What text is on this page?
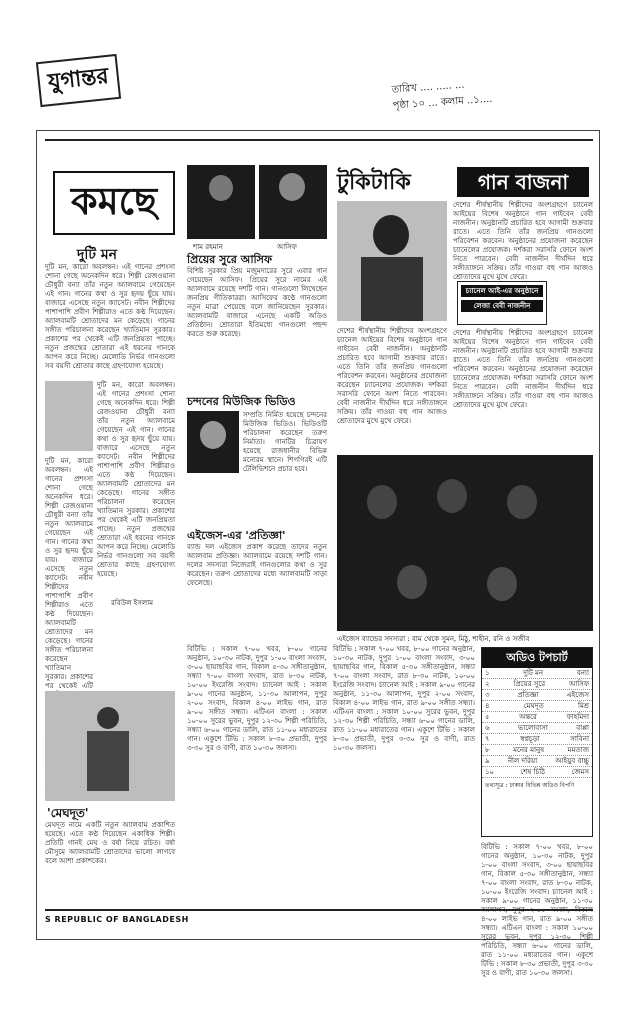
যুগান্তর	তারিখ .... ..... ...
পৃষ্ঠা ১০ ... কলাম ..১....
কমছে
দুটি মন
দুটি মন, কারো অবলম্বন। এই গানের প্রশংসা শোনা গেছে অনেকদিন ধরে। শিল্পী রেজওয়ানা চৌধুরী বন্যা তাঁর নতুন অ্যালবামে গেয়েছেন এই গান। গানের কথা ও সুর হৃদয় ছুঁয়ে যায়। বাজারে এসেছে নতুন ক্যাসেট। নবীন শিল্পীদের পাশাপাশি প্রবীণ শিল্পীরাও এতে কণ্ঠ দিয়েছেন। অ্যালবামটি শ্রোতাদের মন কেড়েছে। গানের সঙ্গীত পরিচালনা করেছেন খ্যাতিমান সুরকার। প্রকাশের পর থেকেই এটি জনপ্রিয়তা পাচ্ছে। নতুন প্রজন্মের শ্রোতারা এই ধরনের গানকে আপন করে নিচ্ছে। মেলোডি নির্ভর গানগুলো সব বয়সী শ্রোতার কাছে গ্রহণযোগ্য হয়েছে।
দুটি মন, কারো অবলম্বন। এই গানের প্রশংসা শোনা গেছে অনেকদিন ধরে। শিল্পী রেজওয়ানা চৌধুরী বন্যা তাঁর নতুন অ্যালবামে গেয়েছেন এই গান। গানের কথা ও সুর হৃদয় ছুঁয়ে যায়। বাজারে এসেছে নতুন ক্যাসেট। নবীন শিল্পীদের পাশাপাশি প্রবীণ শিল্পীরাও এতে কণ্ঠ দিয়েছেন। অ্যালবামটি শ্রোতাদের মন কেড়েছে। গানের সঙ্গীত পরিচালনা করেছেন খ্যাতিমান সুরকার। প্রকাশের পর থেকেই এটি জনপ্রিয়তা পাচ্ছে। নতুন প্রজন্মের শ্রোতারা এই ধরনের গানকে আপন করে নিচ্ছে। মেলোডি নির্ভর গানগুলো সব বয়সী শ্রোতার কাছে গ্রহণযোগ্য হয়েছে।
দুটি মন, কারো অবলম্বন। এই গানের প্রশংসা শোনা গেছে অনেকদিন ধরে। শিল্পী রেজওয়ানা চৌধুরী বন্যা তাঁর নতুন অ্যালবামে গেয়েছেন এই গান। গানের কথা ও সুর হৃদয় ছুঁয়ে যায়। বাজারে এসেছে নতুন ক্যাসেট। নবীন শিল্পীদের পাশাপাশি প্রবীণ শিল্পীরাও এতে কণ্ঠ দিয়েছেন। অ্যালবামটি শ্রোতাদের মন কেড়েছে। গানের সঙ্গীত পরিচালনা করেছেন খ্যাতিমান সুরকার। প্রকাশের পর থেকেই এটি
রবিউল ইসলাম
'মেঘদূত'
মেঘদূত নামে একটি নতুন অ্যালবাম প্রকাশিত হয়েছে। এতে কণ্ঠ দিয়েছেন একাধিক শিল্পী। প্রতিটি গানই মেঘ ও বর্ষা নিয়ে রচিত। বর্ষা মৌসুমে অ্যালবামটি শ্রোতাদের ভালো লাগবে বলে আশা প্রকাশকের।
শাম রহমান	আসিফ
প্রিয়ের সুরে আসিফ
বিশিষ্ট সুরকার প্রিয় মজুমদারের সুরে এবার গান গেয়েছেন আসিফ। প্রিয়ের সুরে নামের এই অ্যালবামে রয়েছে দশটি গান। গানগুলো লিখেছেন জনপ্রিয় গীতিকাররা। আসিফের কণ্ঠে গানগুলো নতুন মাত্রা পেয়েছে বলে জানিয়েছেন সুরকার। অ্যালবামটি বাজারে এনেছে একটি অডিও প্রতিষ্ঠান। শ্রোতারা ইতিমধ্যে গানগুলো পছন্দ করতে শুরু করেছে।
চন্দনের মিউজিক ভিডিও
সম্প্রতি নির্মিত হয়েছে চন্দনের মিউজিক ভিডিও। ভিডিওটি পরিচালনা করেছেন তরুণ নির্মাতা। গানটির চিত্রায়ণ হয়েছে রাজধানীর বিভিন্ন মনোরম স্থানে। শিগগিরই এটি টেলিভিশনে প্রচার হবে।
এইজেস-এর 'প্রতিজ্ঞা'
ব্যান্ড দল এইজেস প্রকাশ করেছে তাদের নতুন অ্যালবাম প্রতিজ্ঞা। অ্যালবামে রয়েছে দশটি গান। দলের সদস্যরা নিজেরাই গানগুলোর কথা ও সুর করেছেন। তরুণ শ্রোতাদের মধ্যে অ্যালবামটি সাড়া ফেলেছে।
টুকিটাকি	গান বাজনা
দেশের শীর্ষস্থানীয় শিল্পীদের অংশগ্রহণে চ্যানেল আইয়ের বিশেষ অনুষ্ঠানে গান গাইবেন বেবী নাজনীন। অনুষ্ঠানটি প্রচারিত হবে আগামী শুক্রবার রাতে। এতে তিনি তাঁর জনপ্রিয় গানগুলো পরিবেশন করবেন। অনুষ্ঠানের প্রযোজনা করেছেন চ্যানেলের প্রযোজক। দর্শকরা সরাসরি ফোনে অংশ নিতে পারবেন। বেবী নাজনীন দীর্ঘদিন ধরে সঙ্গীতাঙ্গনে সক্রিয়। তাঁর গাওয়া বহু গান আজও শ্রোতাদের মুখে মুখে ফেরে।
চ্যানেল আই-এর অনুষ্ঠানে
লেজা বেবী নাজনীন
দেশের শীর্ষস্থানীয় শিল্পীদের অংশগ্রহণে চ্যানেল আইয়ের বিশেষ অনুষ্ঠানে গান গাইবেন বেবী নাজনীন। অনুষ্ঠানটি প্রচারিত হবে আগামী শুক্রবার রাতে। এতে তিনি তাঁর জনপ্রিয় গানগুলো পরিবেশন করবেন। অনুষ্ঠানের প্রযোজনা করেছেন চ্যানেলের প্রযোজক। দর্শকরা সরাসরি ফোনে অংশ নিতে পারবেন। বেবী নাজনীন দীর্ঘদিন ধরে সঙ্গীতাঙ্গনে সক্রিয়। তাঁর গাওয়া বহু গান আজও শ্রোতাদের মুখে মুখে ফেরে।
দেশের শীর্ষস্থানীয় শিল্পীদের অংশগ্রহণে চ্যানেল আইয়ের বিশেষ অনুষ্ঠানে গান গাইবেন বেবী নাজনীন। অনুষ্ঠানটি প্রচারিত হবে আগামী শুক্রবার রাতে। এতে তিনি তাঁর জনপ্রিয় গানগুলো পরিবেশন করবেন। অনুষ্ঠানের প্রযোজনা করেছেন চ্যানেলের প্রযোজক। দর্শকরা সরাসরি ফোনে অংশ নিতে পারবেন। বেবী নাজনীন দীর্ঘদিন ধরে সঙ্গীতাঙ্গনে সক্রিয়। তাঁর গাওয়া বহু গান আজও শ্রোতাদের মুখে মুখে ফেরে।
এইজেস ব্যান্ডের সদস্যরা : বাম থেকে সুমন, মিঠু, শাহীন, রনি ও সজীব
বিটিভি : সকাল ৭-০০ খবর, ৮-০০ গানের অনুষ্ঠান, ১০-৩০ নাটক, দুপুর ১-০০ বাংলা সংবাদ, ৩-০০ ছায়াছবির গান, বিকাল ৫-৩০ সঙ্গীতানুষ্ঠান, সন্ধ্যা ৭-০০ বাংলা সংবাদ, রাত ৮-৩০ নাটক, ১০-০০ ইংরেজি সংবাদ। চ্যানেল আই : সকাল ৯-০০ গানের অনুষ্ঠান, ১১-৩০ আলাপন, দুপুর ২-০০ সংবাদ, বিকাল ৪-০০ লাইভ গান, রাত ৯-০০ সঙ্গীত সন্ধ্যা। এটিএন বাংলা : সকাল ১০-০০ সুরের ভুবন, দুপুর ১২-৩০ শিল্পী পরিচিতি, সন্ধ্যা ৬-০০ গানের ডালি, রাত ১১-০০ মধ্যরাতের গান। একুশে টিভি : সকাল ৮-৩০ প্রভাতী, দুপুর ৩-৩০ সুর ও বাণী, রাত ১০-৩০ জলসা।
বিটিভি : সকাল ৭-০০ খবর, ৮-০০ গানের অনুষ্ঠান, ১০-৩০ নাটক, দুপুর ১-০০ বাংলা সংবাদ, ৩-০০ ছায়াছবির গান, বিকাল ৫-৩০ সঙ্গীতানুষ্ঠান, সন্ধ্যা ৭-০০ বাংলা সংবাদ, রাত ৮-৩০ নাটক, ১০-০০ ইংরেজি সংবাদ। চ্যানেল আই : সকাল ৯-০০ গানের অনুষ্ঠান, ১১-৩০ আলাপন, দুপুর ২-০০ সংবাদ, বিকাল ৪-০০ লাইভ গান, রাত ৯-০০ সঙ্গীত সন্ধ্যা। এটিএন বাংলা : সকাল ১০-০০ সুরের ভুবন, দুপুর ১২-৩০ শিল্পী পরিচিতি, সন্ধ্যা ৬-০০ গানের ডালি, রাত ১১-০০ মধ্যরাতের গান। একুশে টিভি : সকাল ৮-৩০ প্রভাতী, দুপুর ৩-৩০ সুর ও বাণী, রাত ১০-৩০ জলসা।
অডিও টপচার্ট
১	দুটি মন	বন্যা
২	প্রিয়ের সুরে	আসিফ
৩	প্রতিজ্ঞা	এইজেস
৪	মেঘদূত	মিশ্র
৫	অন্তরে	ফাহমিদা
৬	ভালোবাসা	বাপ্পা
৭	স্বপ্নচূড়া	সাবিনা
৮	মনের মানুষ	মমতাজ
৯	নীল দরিয়া	আইয়ুব বাচ্চু
১০	শেষ চিঠি	জেমস
তথ্যসূত্র : ঢাকার বিভিন্ন অডিও বিপণি
বিটিভি : সকাল ৭-০০ খবর, ৮-০০ গানের অনুষ্ঠান, ১০-৩০ নাটক, দুপুর ১-০০ বাংলা সংবাদ, ৩-০০ ছায়াছবির গান, বিকাল ৫-৩০ সঙ্গীতানুষ্ঠান, সন্ধ্যা ৭-০০ বাংলা সংবাদ, রাত ৮-৩০ নাটক, ১০-০০ ইংরেজি সংবাদ। চ্যানেল আই : সকাল ৯-০০ গানের অনুষ্ঠান, ১১-৩০ ৪-০০ লাইভ গান, রাত ৯-০০ সঙ্গীত সন্ধ্যা। এটিএন বাংলা : সকাল ১০-০০ সুরের ভুবন, দুপুর ১২-৩০ শিল্পী পরিচিতি, সন্ধ্যা ৬-০০ গানের ডালি, রাত ১১-০০ মধ্যরাতের গান। একুশে টিভি : সকাল ৮-৩০ প্রভাতী, দুপুর ৩-৩০ সুর ও বাণী, রাত ১০-৩০ জলসা।
S REPUBLIC OF BANGLADESH
